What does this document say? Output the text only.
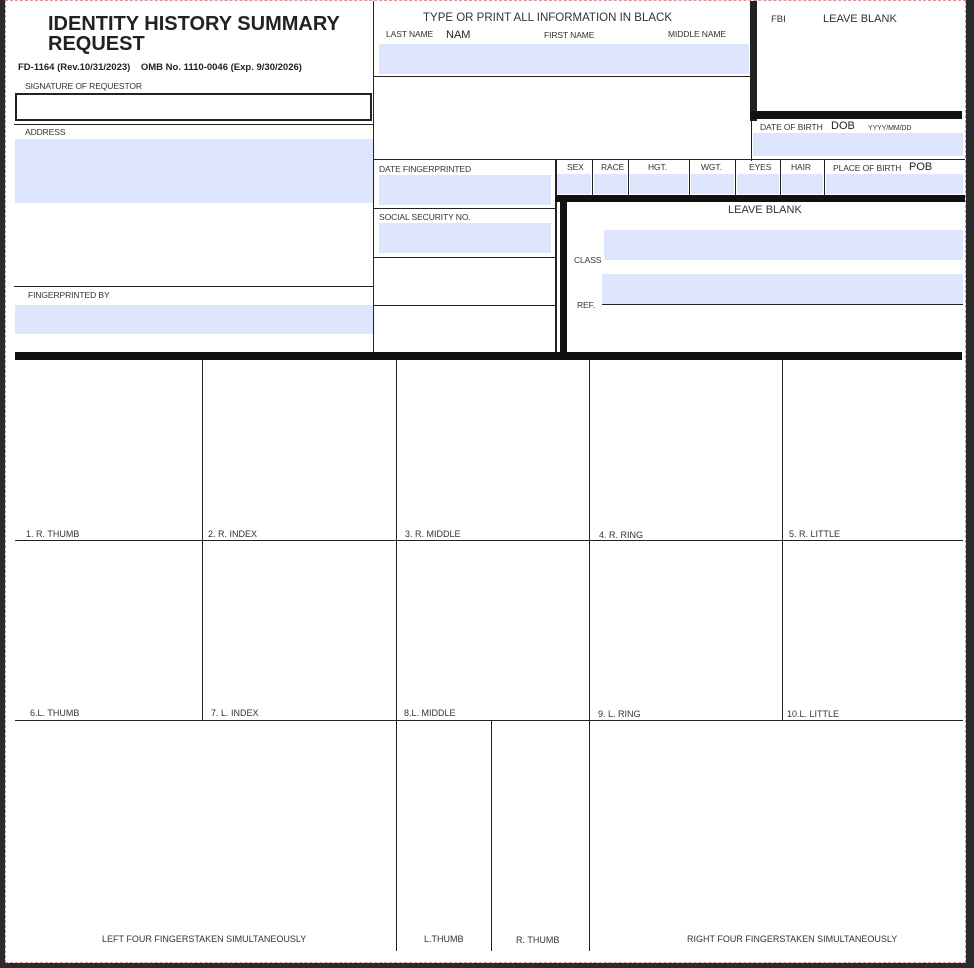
IDENTITY HISTORY SUMMARY REQUEST
FD-1164 (Rev.10/31/2023) OMB No. 1110-0046 (Exp. 9/30/2026)
SIGNATURE OF REQUESTOR
ADDRESS
FINGERPRINTED BY
TYPE OR PRINT ALL INFORMATION IN BLACK
LAST NAME NAM	FIRST NAME	MIDDLE NAME
FBI	LEAVE BLANK
DATE OF BIRTH DOB YYYY/MM/DD
DATE FINGERPRINTED	SEX RACE	HGT.	WGT.	EYES HAIR	PLACE OF BIRTH POB
LEAVE BLANK
CLASS
REF.
SOCIAL SECURITY NO.
1. R. THUMB	2. R. INDEX	3. R. MIDDLE	4. R. RING	5. R. LITTLE
6.L. THUMB	7. L. INDEX	8.L. MIDDLE	9. L. RING	10.L. LITTLE
LEFT FOUR FINGERSTAKEN SIMULTANEOUSLY	L.THUMB	R. THUMB	RIGHT FOUR FINGERSTAKEN SIMULTANEOUSLY
